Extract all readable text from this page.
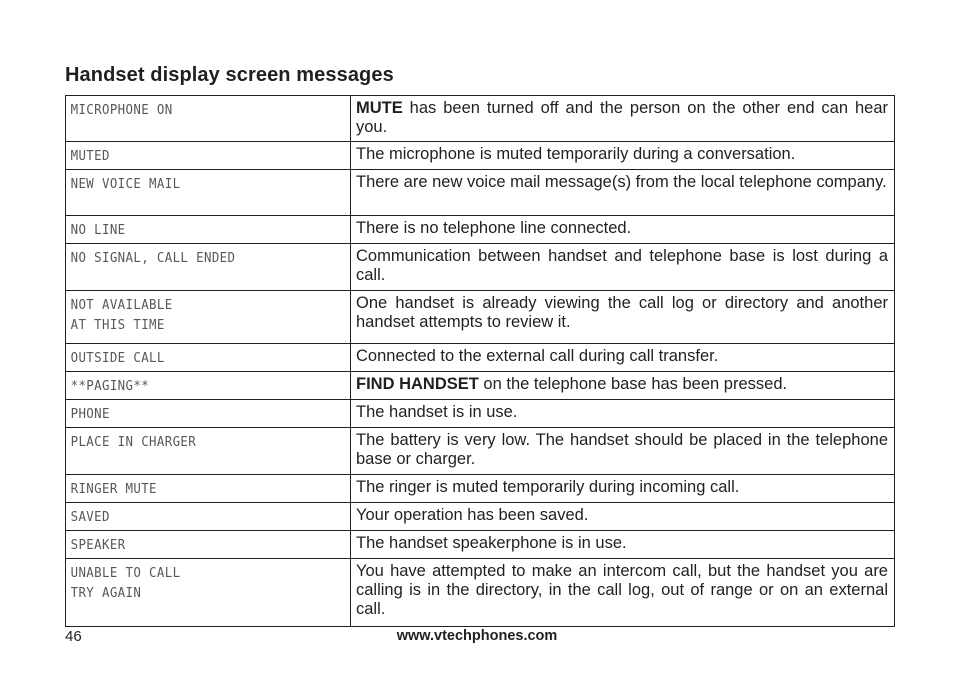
Handset display screen messages
MICROPHONE ON	MUTE has been turned off and the person on the other end can hear you.

MUTED	The microphone is muted temporarily during a conversation.

NEW VOICE MAIL	There are new voice mail message(s) from the local telephone company.

NO LINE	There is no telephone line connected.

NO SIGNAL, CALL ENDED	Communication between handset and telephone base is lost during a call.

NOT AVAILABLE
AT THIS TIME	One handset is already viewing the call log or directory and another handset attempts to review it.

OUTSIDE CALL	Connected to the external call during call transfer.

**PAGING**	FIND HANDSET on the telephone base has been pressed.

PHONE	The handset is in use.

PLACE IN CHARGER	The battery is very low. The handset should be placed in the telephone base or charger.

RINGER MUTE	The ringer is muted temporarily during incoming call.

SAVED	Your operation has been saved.

SPEAKER	The handset speakerphone is in use.

UNABLE TO CALL
TRY AGAIN	You have attempted to make an intercom call, but the handset you are calling is in the directory, in the call log, out of range or on an external call.
46	www.vtechphones.com
